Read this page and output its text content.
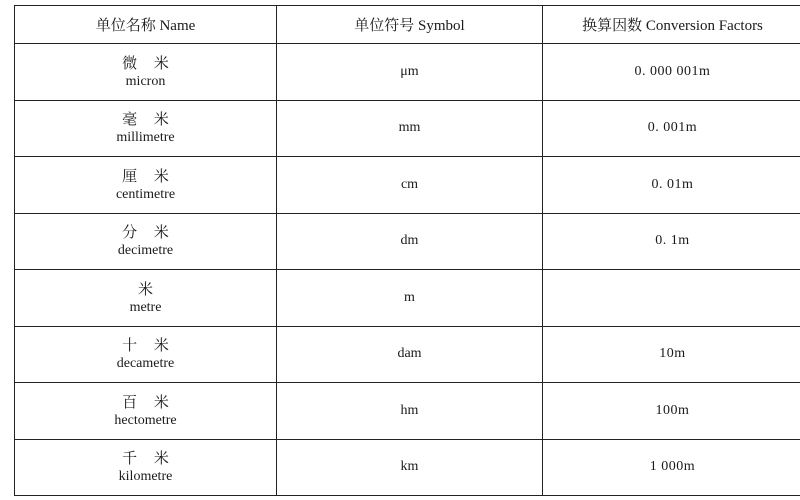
单位名称 Name	单位符号 Symbol	换算因数 Conversion Factors

微 米
micron	μm	0. 000 001m

毫 米
millimetre	mm	0. 001m

厘 米
centimetre	cm	0. 01m

分 米
decimetre	dm	0. 1m

米
metre	m	

十 米
decametre	dam	10m

百 米
hectometre	hm	100m

千 米
kilometre	km	1 000m
